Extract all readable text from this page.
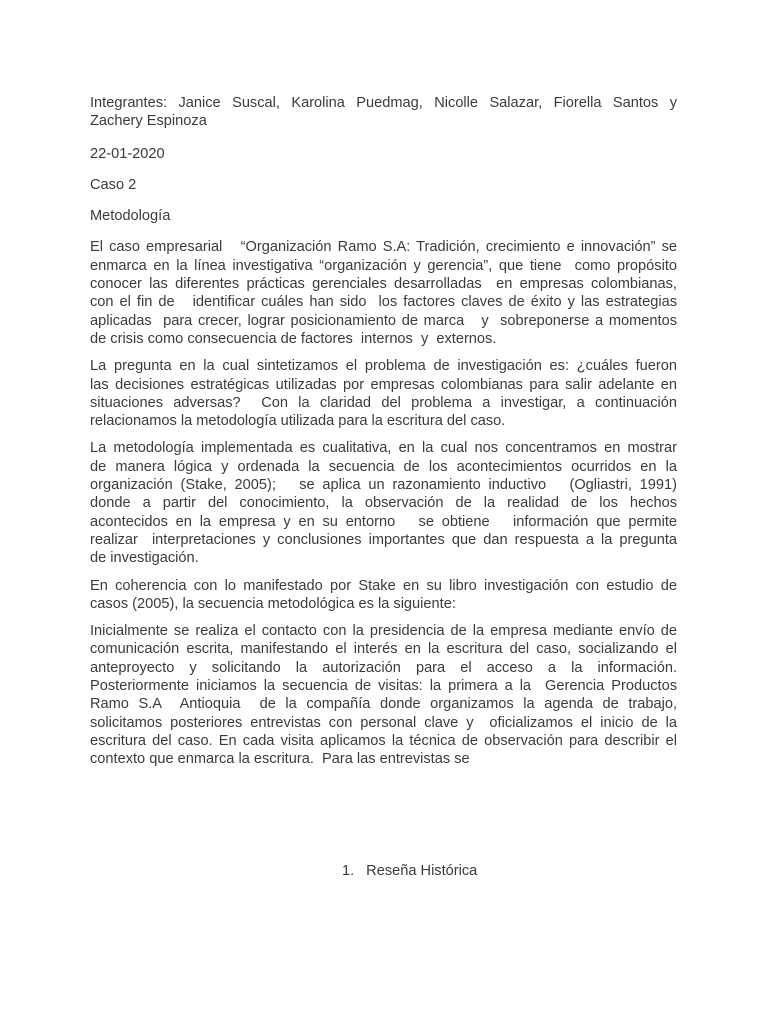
Integrantes: Janice Suscal, Karolina Puedmag, Nicolle Salazar, Fiorella Santos y
Zachery Espinoza

22-01-2020

Caso 2

Metodología

El caso empresarial   “Organización Ramo S.A: Tradición, crecimiento e innovación” se
enmarca en la línea investigativa “organización y gerencia”, que tiene  como propósito
conocer las diferentes prácticas gerenciales desarrolladas  en empresas colombianas,
con el fin de   identificar cuáles han sido  los factores claves de éxito y las estrategias
aplicadas  para crecer, lograr posicionamiento de marca   y  sobreponerse a momentos
de crisis como consecuencia de factores  internos  y  externos.

La pregunta en la cual sintetizamos el problema de investigación es: ¿cuáles fueron
las decisiones estratégicas utilizadas por empresas colombianas para salir adelante en
situaciones adversas?  Con la claridad del problema a investigar, a continuación
relacionamos la metodología utilizada para la escritura del caso.

La metodología implementada es cualitativa, en la cual nos concentramos en mostrar
de manera lógica y ordenada la secuencia de los acontecimientos ocurridos en la
organización (Stake, 2005);   se aplica un razonamiento inductivo   (Ogliastri, 1991)
donde a partir del conocimiento, la observación de la realidad de los hechos
acontecidos en la empresa y en su entorno   se obtiene   información que permite
realizar  interpretaciones y conclusiones importantes que dan respuesta a la pregunta
de investigación.

En coherencia con lo manifestado por Stake en su libro investigación con estudio de
casos (2005), la secuencia metodológica es la siguiente:

Inicialmente se realiza el contacto con la presidencia de la empresa mediante envío de
comunicación escrita, manifestando el interés en la escritura del caso, socializando el
anteproyecto y solicitando la autorización para el acceso a la información.
Posteriormente iniciamos la secuencia de visitas: la primera a la  Gerencia Productos
Ramo S.A  Antioquia  de la compañía donde organizamos la agenda de trabajo,
solicitamos posteriores entrevistas con personal clave y  oficializamos el inicio de la
escritura del caso. En cada visita aplicamos la técnica de observación para describir el
contexto que enmarca la escritura.  Para las entrevistas se

1. Reseña Histórica
